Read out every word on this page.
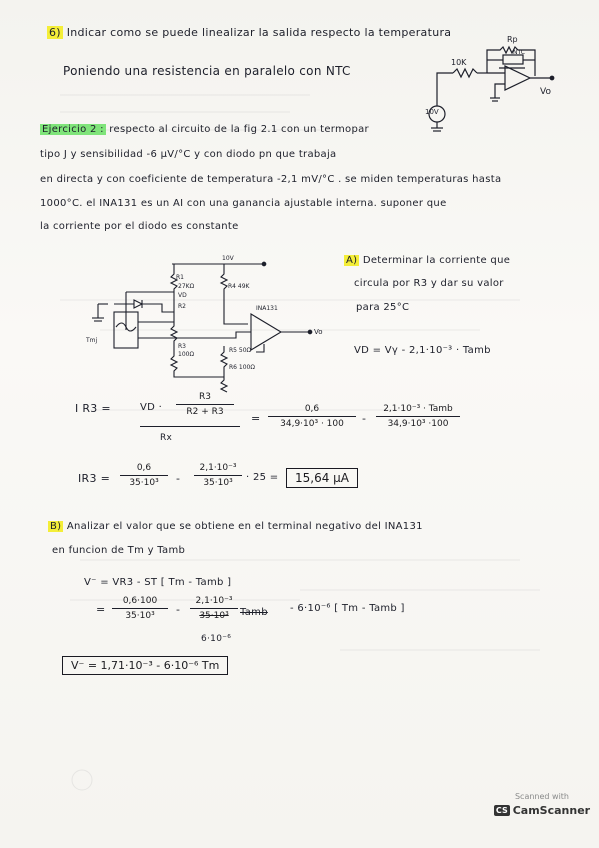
6) Indicar como se puede linealizar la salida respecto la temperatura
Poniendo una resistencia en paralelo con NTC
Rp
10K
NTC
10V
Vo
Ejercicio 2 : respecto al circuito de la fig 2.1 con un termopar
tipo J y sensibilidad -6 μV/°C y con diodo pn que trabaja
en directa y con coeficiente de temperatura -2,1 mV/°C . se miden temperaturas hasta
1000°C. el INA131 es un AI con una ganancia ajustable interna. suponer que
la corriente por el diodo es constante
R1
27KΩ
VD
R2
R3
100Ω
R4 49K
R5 50Ω
R6 100Ω
Tmj
10V
INA131
Vo
A) Determinar la corriente que
circula por R3 y dar su valor
para 25°C
VD = Vγ - 2,1·10⁻³ · Tamb
I R3 =	VD ·
R3
R2 + R3
Rx
=
0,6
34,9·10³ · 100	-
2,1·10⁻³ · Tamb
34,9·10³ ·100
IR3 =
0,6
35·10³	-
2,1·10⁻³
35·10³	· 25 =	15,64 μA
B) Analizar el valor que se obtiene en el terminal negativo del INA131
en funcion de Tm y Tamb
V⁻ = VR3 - ST [ Tm - Tamb ]
=
0,6·100
35·10³	-
2,1·10⁻³
35·10³	Tamb - 6·10⁻⁶ [ Tm - Tamb ]
6·10⁻⁶
V⁻ = 1,71·10⁻³ - 6·10⁻⁶ Tm
Scanned with
CS CamScanner
